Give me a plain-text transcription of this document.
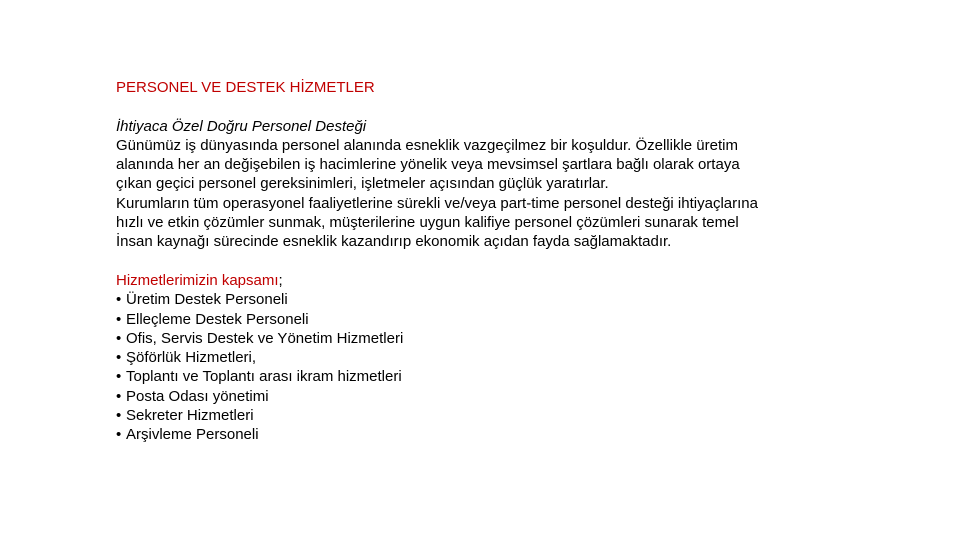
PERSONEL VE DESTEK HİZMETLER

İhtiyaca Özel Doğru Personel Desteği

Günümüz iş dünyasında personel alanında esneklik vazgeçilmez bir koşuldur. Özellikle üretim

alanında her an değişebilen iş hacimlerine yönelik veya mevsimsel şartlara bağlı olarak ortaya

çıkan geçici personel gereksinimleri, işletmeler açısından güçlük yaratırlar.

Kurumların tüm operasyonel faaliyetlerine sürekli ve/veya part-time personel desteği ihtiyaçlarına

hızlı ve etkin çözümler sunmak, müşterilerine uygun kalifiye personel çözümleri sunarak temel

İnsan kaynağı sürecinde esneklik kazandırıp ekonomik açıdan fayda sağlamaktadır.

Hizmetlerimizin kapsamı;

• Üretim Destek Personeli
• Elleçleme Destek Personeli
• Ofis, Servis Destek ve Yönetim Hizmetleri
• Şöförlük Hizmetleri,
• Toplantı ve Toplantı arası ikram hizmetleri
• Posta Odası yönetimi
• Sekreter Hizmetleri
• Arşivleme Personeli
